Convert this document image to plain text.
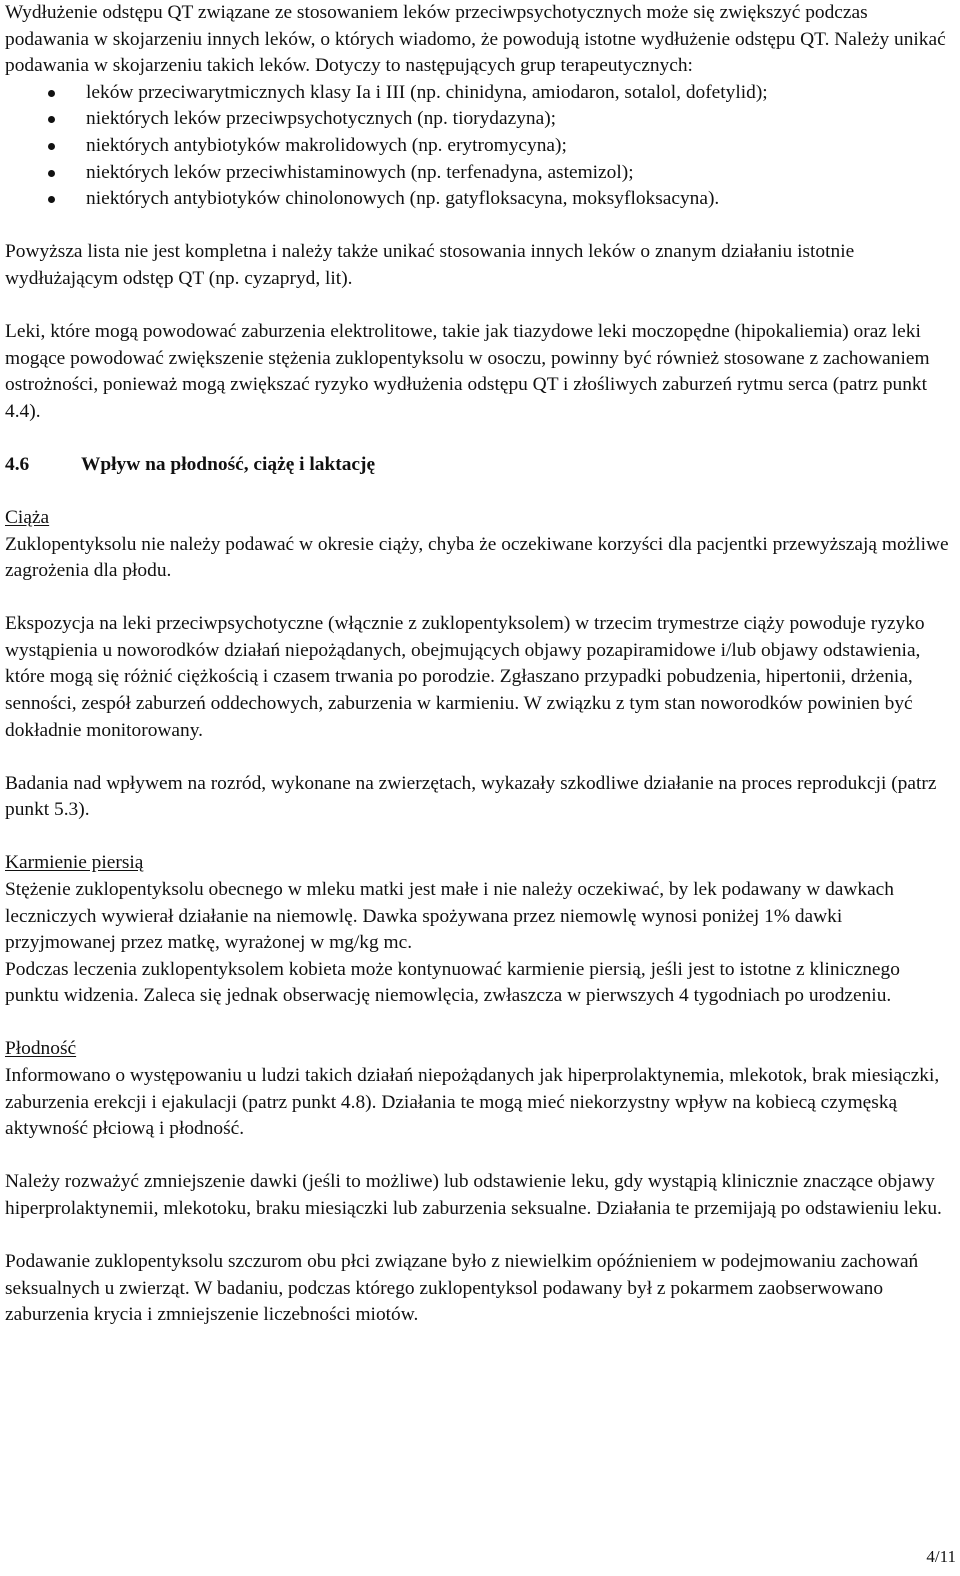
Wydłużenie odstępu QT związane ze stosowaniem leków przeciwpsychotycznych może się zwiększyć podczas podawania w skojarzeniu innych leków, o których wiadomo, że powodują istotne wydłużenie odstępu QT. Należy unikać podawania w skojarzeniu takich leków. Dotyczy to następujących grup terapeutycznych:

leków przeciwarytmicznych klasy Ia i III (np. chinidyna, amiodaron, sotalol, dofetylid);
niektórych leków przeciwpsychotycznych (np. tiorydazyna);
niektórych antybiotyków makrolidowych (np. erytromycyna);
niektórych leków przeciwhistaminowych (np. terfenadyna, astemizol);
niektórych antybiotyków chinolonowych (np. gatyfloksacyna, moksyfloksacyna).

Powyższa lista nie jest kompletna i należy także unikać stosowania innych leków o znanym działaniu istotnie wydłużającym odstęp QT (np. cyzapryd, lit).

Leki, które mogą powodować zaburzenia elektrolitowe, takie jak tiazydowe leki moczopędne (hipokaliemia) oraz leki mogące powodować zwiększenie stężenia zuklopentyksolu w osoczu, powinny być również stosowane z zachowaniem ostrożności, ponieważ mogą zwiększać ryzyko wydłużenia odstępu QT i złośliwych zaburzeń rytmu serca (patrz punkt 4.4).

4.6	Wpływ na płodność, ciążę i laktację

Ciąża

Zuklopentyksolu nie należy podawać w okresie ciąży, chyba że oczekiwane korzyści dla pacjentki przewyższają możliwe zagrożenia dla płodu.

Ekspozycja na leki przeciwpsychotyczne (włącznie z zuklopentyksolem) w trzecim trymestrze ciąży powoduje ryzyko wystąpienia u noworodków działań niepożądanych, obejmujących objawy pozapiramidowe i/lub objawy odstawienia, które mogą się różnić ciężkością i czasem trwania po porodzie. Zgłaszano przypadki pobudzenia, hipertonii, drżenia, senności, zespół zaburzeń oddechowych, zaburzenia w karmieniu. W związku z tym stan noworodków powinien być dokładnie monitorowany.

Badania nad wpływem na rozród, wykonane na zwierzętach, wykazały szkodliwe działanie na proces reprodukcji (patrz punkt 5.3).

Karmienie piersią

Stężenie zuklopentyksolu obecnego w mleku matki jest małe i nie należy oczekiwać, by lek podawany w dawkach leczniczych wywierał działanie na niemowlę. Dawka spożywana przez niemowlę wynosi poniżej 1% dawki przyjmowanej przez matkę, wyrażonej w mg/kg mc.

Podczas leczenia zuklopentyksolem kobieta może kontynuować karmienie piersią, jeśli jest to istotne z klinicznego punktu widzenia. Zaleca się jednak obserwację niemowlęcia, zwłaszcza w pierwszych 4 tygodniach po urodzeniu.

Płodność

Informowano o występowaniu u ludzi takich działań niepożądanych jak hiperprolaktynemia, mlekotok, brak miesiączki, zaburzenia erekcji i ejakulacji (patrz punkt 4.8). Działania te mogą mieć niekorzystny wpływ na kobiecą czymęską aktywność płciową i płodność.

Należy rozważyć zmniejszenie dawki (jeśli to możliwe) lub odstawienie leku, gdy wystąpią klinicznie znaczące objawy hiperprolaktynemii, mlekotoku, braku miesiączki lub zaburzenia seksualne. Działania te przemijają po odstawieniu leku.

Podawanie zuklopentyksolu szczurom obu płci związane było z niewielkim opóźnieniem w podejmowaniu zachowań seksualnych u zwierząt. W badaniu, podczas którego zuklopentyksol podawany był z pokarmem zaobserwowano zaburzenia krycia i zmniejszenie liczebności miotów.

4/11
